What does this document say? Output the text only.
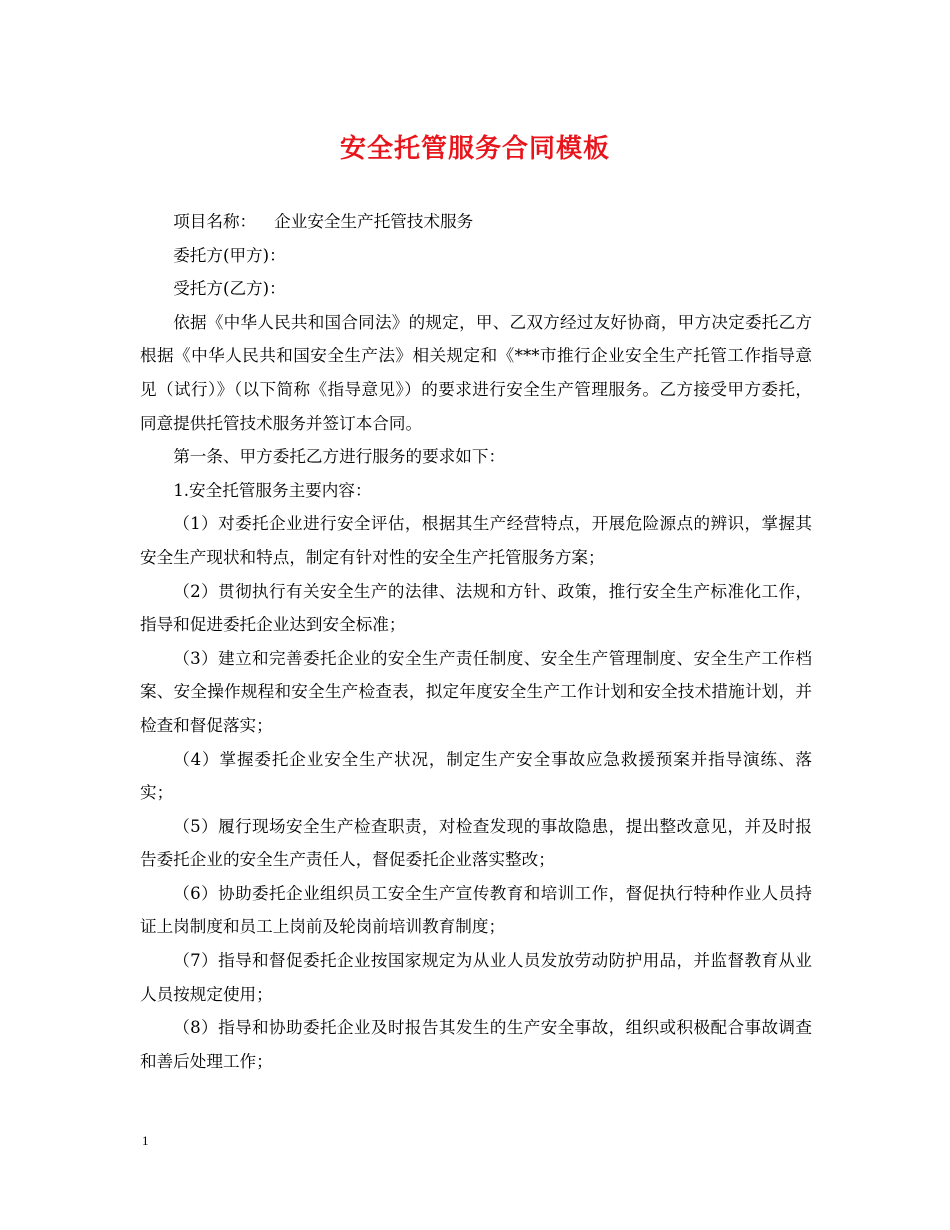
安全托管服务合同模板

项目名称： 企业安全生产托管技术服务

委托方(甲方)：

受托方(乙方)：

依据《中华人民共和国合同法》的规定，甲、乙双方经过友好协商，甲方决定委托乙方根据《中华人民共和国安全生产法》相关规定和《***市推行企业安全生产托管工作指导意见（试行）》（以下简称《指导意见》）的要求进行安全生产管理服务。乙方接受甲方委托，同意提供托管技术服务并签订本合同。

第一条、甲方委托乙方进行服务的要求如下：

1.安全托管服务主要内容：

（1）对委托企业进行安全评估，根据其生产经营特点，开展危险源点的辨识，掌握其安全生产现状和特点，制定有针对性的安全生产托管服务方案；

（2）贯彻执行有关安全生产的法律、法规和方针、政策，推行安全生产标准化工作，指导和促进委托企业达到安全标准；

（3）建立和完善委托企业的安全生产责任制度、安全生产管理制度、安全生产工作档案、安全操作规程和安全生产检查表，拟定年度安全生产工作计划和安全技术措施计划，并检查和督促落实；

（4）掌握委托企业安全生产状况，制定生产安全事故应急救援预案并指导演练、落实；

（5）履行现场安全生产检查职责，对检查发现的事故隐患，提出整改意见，并及时报告委托企业的安全生产责任人，督促委托企业落实整改；

（6）协助委托企业组织员工安全生产宣传教育和培训工作，督促执行特种作业人员持证上岗制度和员工上岗前及轮岗前培训教育制度；

（7）指导和督促委托企业按国家规定为从业人员发放劳动防护用品，并监督教育从业人员按规定使用；

（8）指导和协助委托企业及时报告其发生的生产安全事故，组织或积极配合事故调查和善后处理工作；

1
